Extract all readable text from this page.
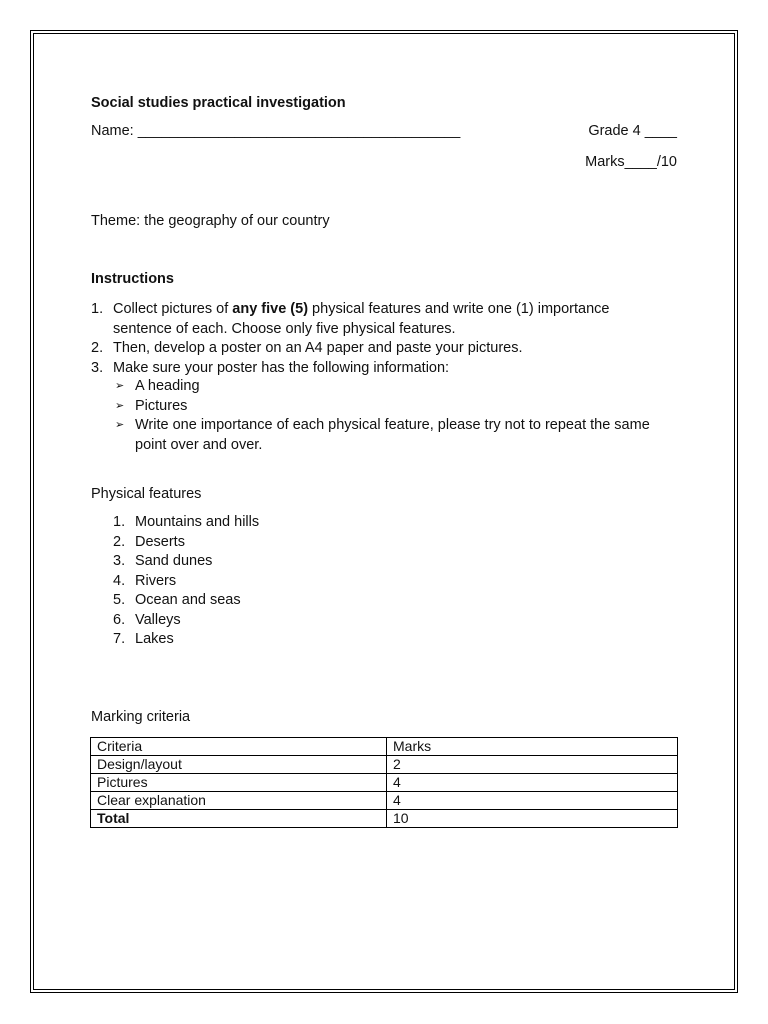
Social studies practical investigation
Name: ________________________________________	Grade 4 ____
Marks____/10
Theme: the geography of our country
Instructions
1. Collect pictures of any five (5) physical features and write one (1) importance
sentence of each. Choose only five physical features.
2. Then, develop a poster on an A4 paper and paste your pictures.
3. Make sure your poster has the following information:
➢ A heading
➢ Pictures
➢ Write one importance of each physical feature, please try not to repeat the same
point over and over.
Physical features
1. Mountains and hills
2. Deserts
3. Sand dunes
4. Rivers
5. Ocean and seas
6. Valleys
7. Lakes
Marking criteria
Criteria	Marks
Design/layout	2
Pictures	4
Clear explanation	4
Total	10
